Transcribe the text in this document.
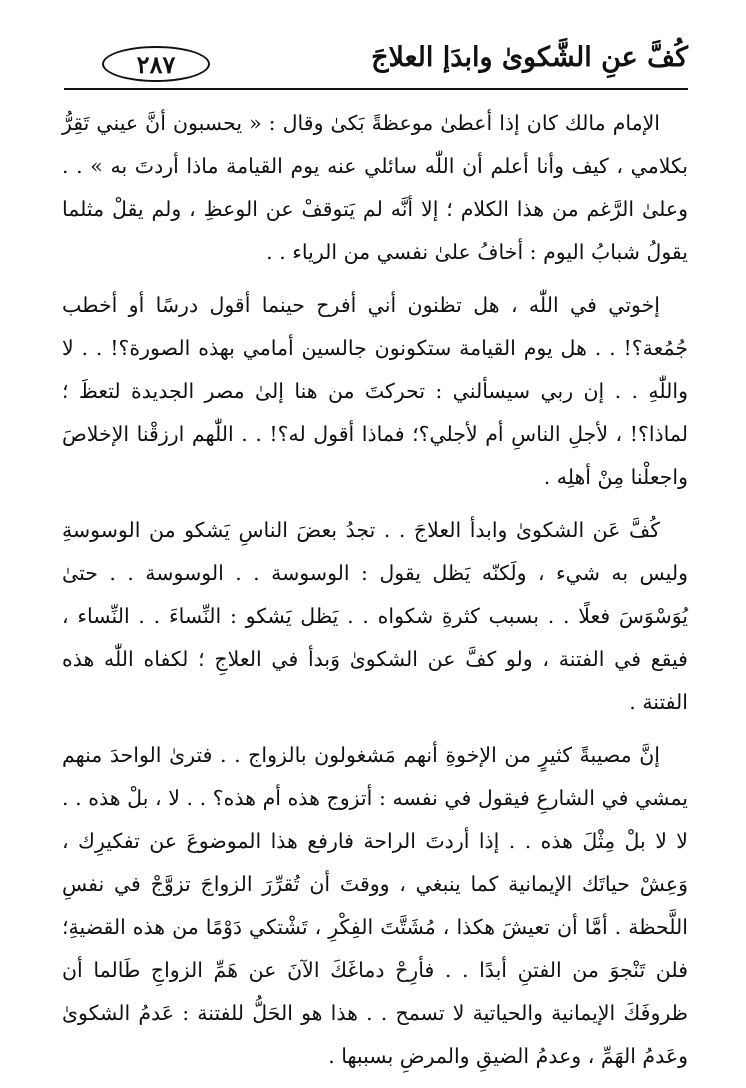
كُفَّ عنِ الشَّكوىٰ وابدَإ العلاجَ
٢٨٧

الإمام مالك كان إذا أعطىٰ موعظةً بَكىٰ وقال : « يحسبون أنَّ عيني تَقِرُّ بكلامي ، كيف وأنا أعلم أن اللّٰه سائلي عنه يوم القيامة ماذا أردتَ به » . . وعلىٰ الرَّغم من هذا الكلام ؛ إلا أنَّه لم يَتوقفْ عن الوعظِ ، ولم يقلْ مثلما يقولُ شبابُ اليوم : أخافُ علىٰ نفسي من الرياء . .

إخوتي في اللّٰه ، هل تظنون أني أفرح حينما أقول درسًا أو أخطب جُمُعة؟! . . هل يوم القيامة ستكونون جالسين أمامي بهذه الصورة؟! . . لا واللّٰهِ . . إن ربي سيسألني : تحركتَ من هنا إلىٰ مصر الجديدة لتعظَ ؛ لماذا؟! ، لأجلِ الناسِ أم لأجلي؟؛ فماذا أقول له؟! . . اللّٰهم ارزقْنا الإخلاصَ واجعلْنا مِنْ أهلِه .

كُفَّ عَن الشكوىٰ وابدأ العلاجَ . . تجدُ بعضَ الناسِ يَشكو من الوسوسةِ وليس به شيء ، ولَكنّه يَظل يقول : الوسوسة . . الوسوسة . . حتىٰ يُوَسْوَسَ فعلًا . . بسبب كثرةِ شكواه . . يَظل يَشكو : النِّساءَ . . النِّساء ، فيقع في الفتنة ، ولو كفَّ عن الشكوىٰ وَبدأ في العلاجِ ؛ لكفاه اللّٰه هذه الفتنة .

إنَّ مصيبةً كثيرٍ من الإخوةِ أنهم مَشغولون بالزواج . . فترىٰ الواحدَ منهم يمشي في الشارعِ فيقول في نفسه : أتزوج هذه أم هذه؟ . . لا ، بلْ هذه . . لا لا بلْ مِثْلَ هذه . . إذا أردتَ الراحة فارفع هذا الموضوعَ عن تفكيرِك ، وَعِشْ حياتَك الإيمانية كما ينبغي ، ووقتَ أن تُقرِّرَ الزواجَ تزوَّجْ في نفسِ اللَّحظة . أمَّا أن تعيشَ هكذا ، مُشَتَّتَ الفِكْرِ ، تَشْتكي دَوْمًا من هذه القضيةِ؛ فلن تَنْجوَ من الفتنِ أبدًا . . فأرِحْ دماغَكَ الآنَ عن هَمِّ الزواجِ طَالما أن ظروفَكَ الإيمانية والحياتية لا تسمح . . هذا هو الحَلُّ للفتنة : عَدمُ الشكوىٰ وعَدمُ الهَمِّ ، وعدمُ الضيقِ والمرضِ بسببها .
